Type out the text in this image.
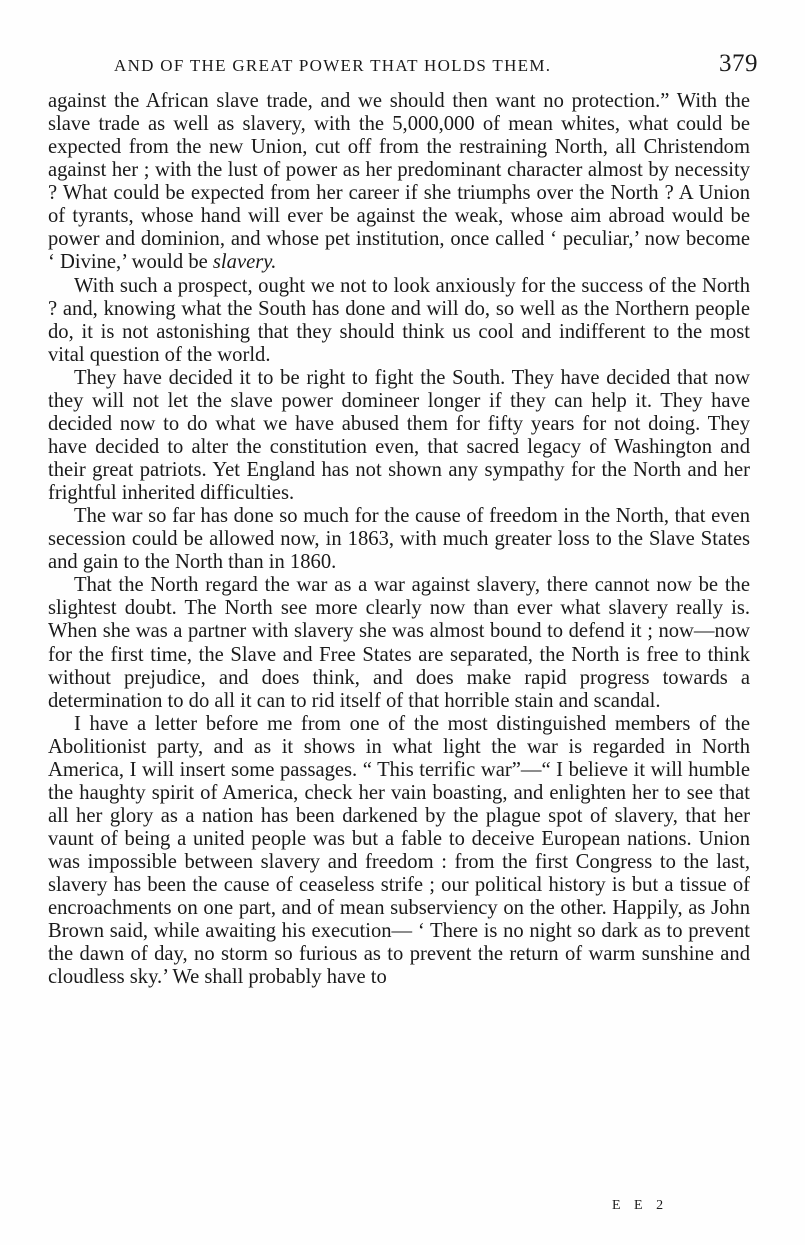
AND OF THE GREAT POWER THAT HOLDS THEM.	379

against the African slave trade, and we should then want no protection.” With the slave trade as well as slavery, with the 5,000,000 of mean whites, what could be expected from the new Union, cut off from the restraining North, all Christendom against her ; with the lust of power as her predominant character almost by necessity ? What could be expected from her career if she triumphs over the North ? A Union of tyrants, whose hand will ever be against the weak, whose aim abroad would be power and dominion, and whose pet institution, once called ‘ peculiar,’ now become ‘ Divine,’ would be slavery.

With such a prospect, ought we not to look anxiously for the success of the North ? and, knowing what the South has done and will do, so well as the Northern people do, it is not astonishing that they should think us cool and indifferent to the most vital question of the world.

They have decided it to be right to fight the South. They have decided that now they will not let the slave power domineer longer if they can help it. They have decided now to do what we have abused them for fifty years for not doing. They have decided to alter the constitution even, that sacred legacy of Washington and their great patriots. Yet England has not shown any sympathy for the North and her frightful inherited difficulties.

The war so far has done so much for the cause of freedom in the North, that even secession could be allowed now, in 1863, with much greater loss to the Slave States and gain to the North than in 1860.

That the North regard the war as a war against slavery, there cannot now be the slightest doubt. The North see more clearly now than ever what slavery really is. When she was a partner with slavery she was almost bound to defend it ; now—now for the first time, the Slave and Free States are separated, the North is free to think without prejudice, and does think, and does make rapid progress towards a determination to do all it can to rid itself of that horrible stain and scandal.

I have a letter before me from one of the most distinguished members of the Abolitionist party, and as it shows in what light the war is regarded in North America, I will insert some passages. “ This terrific war”—“ I believe it will humble the haughty spirit of America, check her vain boasting, and enlighten her to see that all her glory as a nation has been darkened by the plague spot of slavery, that her vaunt of being a united people was but a fable to deceive European nations. Union was impossible between slavery and freedom : from the first Congress to the last, slavery has been the cause of ceaseless strife ; our political history is but a tissue of encroachments on one part, and of mean subserviency on the other. Happily, as John Brown said, while awaiting his execution— ‘ There is no night so dark as to prevent the dawn of day, no storm so furious as to prevent the return of warm sunshine and cloudless sky.’ We shall probably have to

E E 2
